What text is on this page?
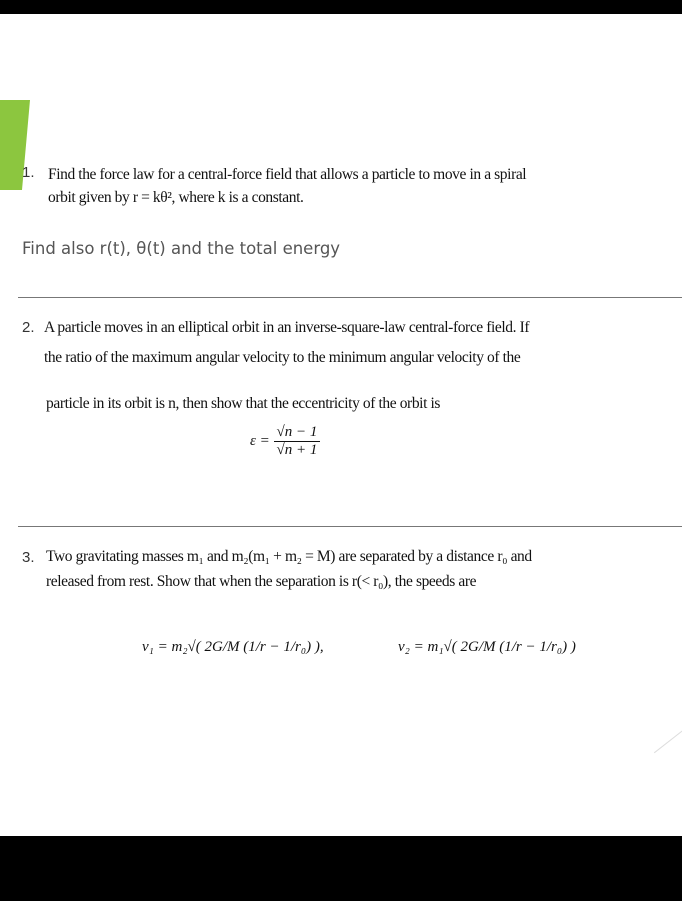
1. Find the force law for a central-force field that allows a particle to move in a spiral
orbit given by r = kθ², where k is a constant.
Find also r(t), θ(t) and the total energy
2. A particle moves in an elliptical orbit in an inverse-square-law central-force field. If
the ratio of the maximum angular velocity to the minimum angular velocity of the
particle in its orbit is n, then show that the eccentricity of the orbit is
$\varepsilon = \frac{√n - 1}{√n + 1}$
3. Two gravitating masses m₁ and m₂(m₁ + m₂ = M) are separated by a distance r₀ and
released from rest. Show that when the separation is r(< r₀), the speeds are
v₁ = m₂√( 2G/M (1/r − 1/r₀) ),	v₂ = m₁√( 2G/M (1/r − 1/r₀) )
